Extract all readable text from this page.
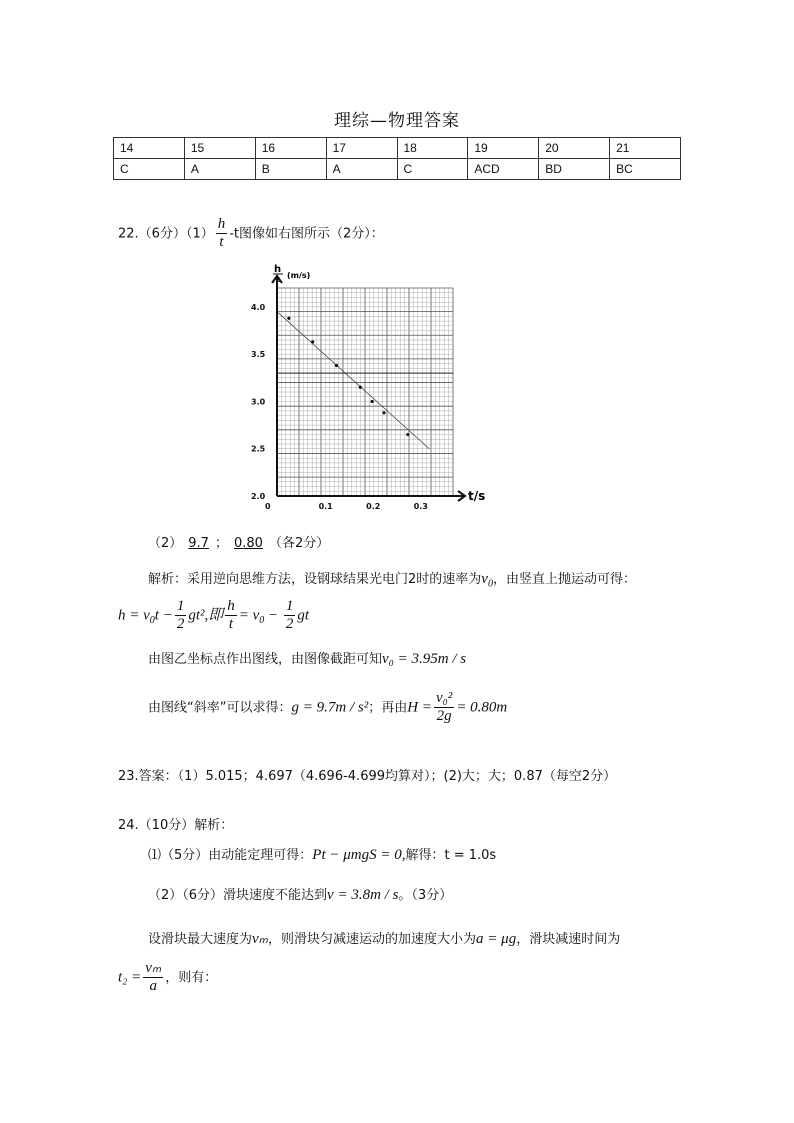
理综—物理答案
14	15	16	17	18	19	20	21
C	A	B	A	C	ACD	BD	BC
22.（6分）$(1) \frac{h}{t} -t$图像如右图所示（2分）：
0	0.1	0.2	0.3
2.0
2.5
3.0
3.5
4.0
h
t (m/s)
t/s
（2） 9.7 ； 0.80 （各2分）
解析：采用逆向思维方法，设钢球结果光电门2时的速率为$v_0$，由竖直上抛运动可得：
$h = v_0t - \frac{1}{2} gt^2$,即 $\frac{h}{t} = v_0 - \frac{1}{2}$ gt
由图乙坐标点作出图线，由图像截距可知v₀ = 3.95m / s
由图线“斜率”可以求得：g = 9.7m / s²；再由$H = \frac{\text{v₀²}}{2g} = 0.80m$
23.答案：（1）5.015；4.697（4.696-4.699均算对）；(2)大；大；0.87（每空2分）
24.（10分）解析：
⑴（5分）由动能定理可得：Pt − μmgS = 0,解得：t = 1.0s
（2）（6分）滑块速度不能达到v = 3.8m / s。（3分）
设滑块最大速度为vₘ，则滑块匀减速运动的加速度大小为a = μg，滑块减速时间为
$t_2 = \frac{\text{vₘ}}{a}$ ，则有：
